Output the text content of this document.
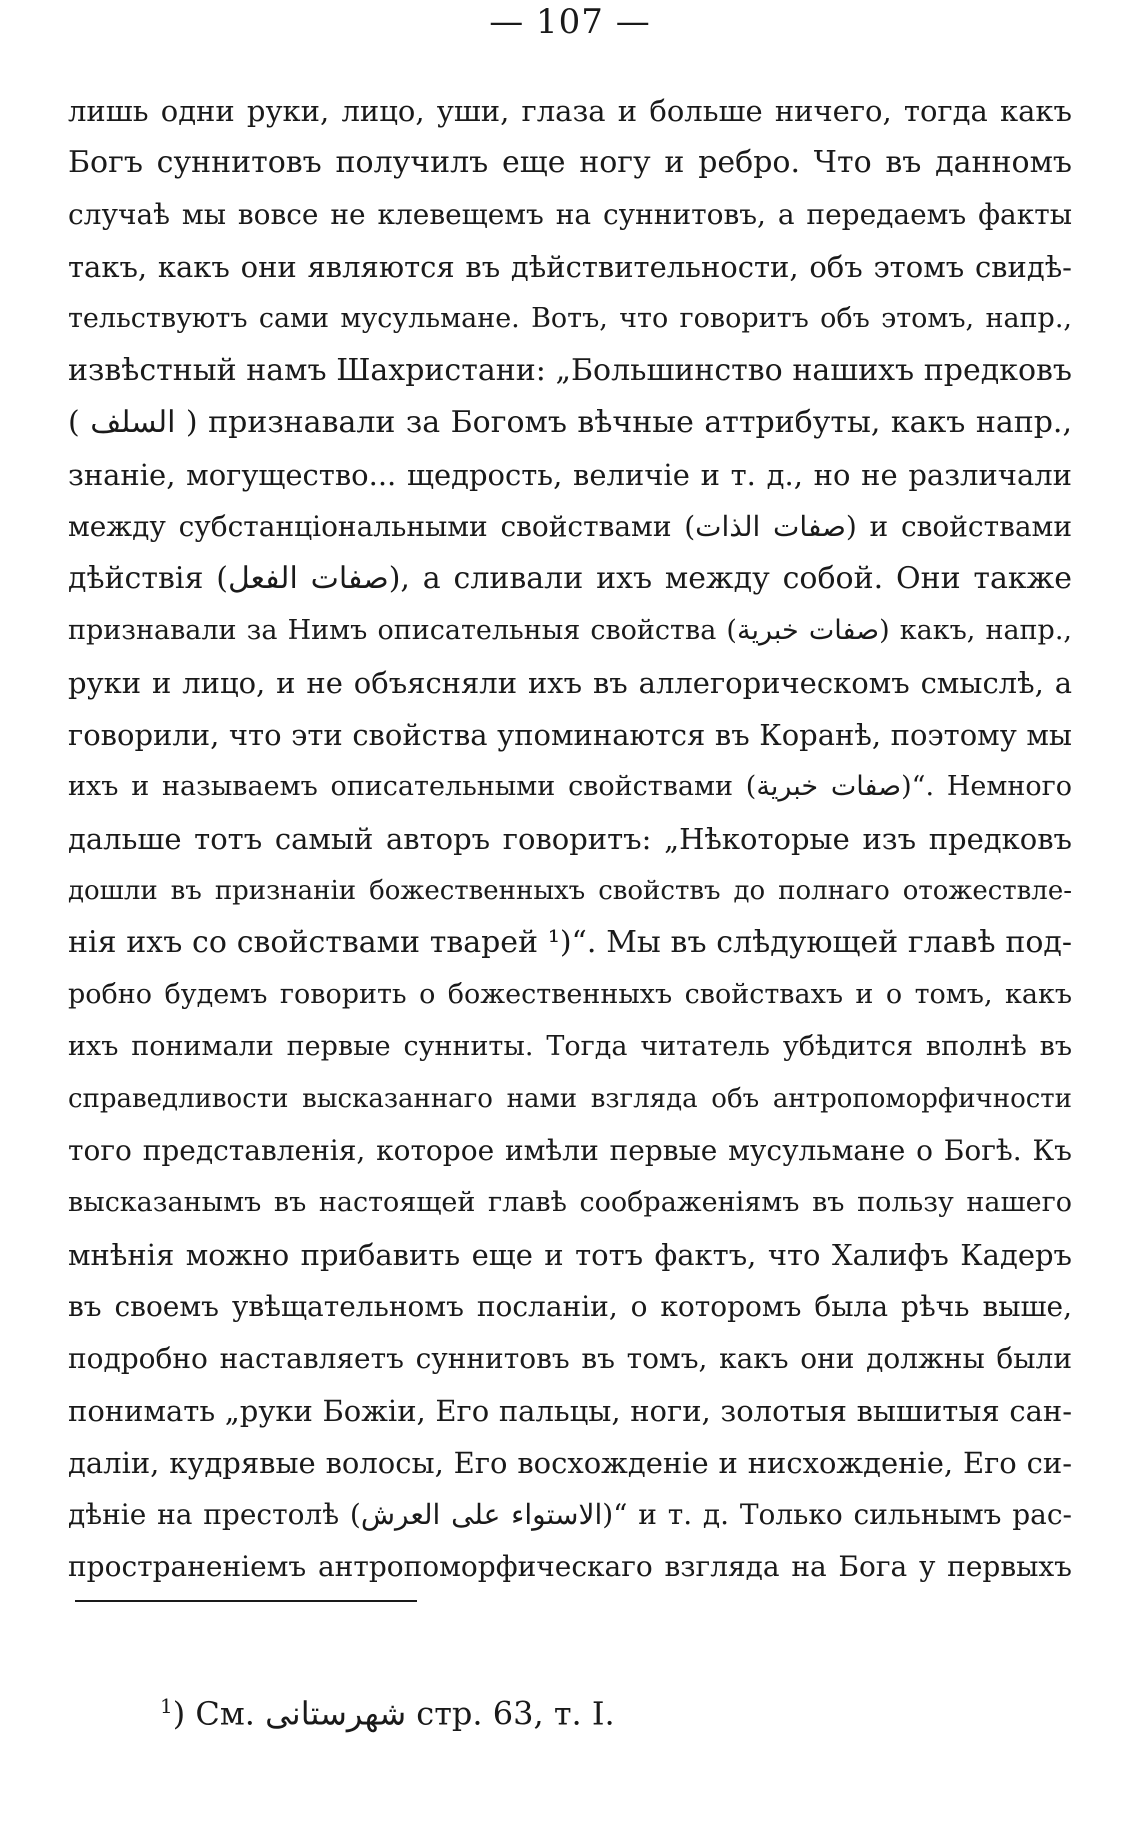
— 107 —
лишь одни руки, лицо, уши, глаза и больше ничего, тогда какъ
Богъ суннитовъ получилъ еще ногу и ребро. Что въ данномъ
случаѣ мы вовсе не клевещемъ на суннитовъ, а передаемъ факты
такъ, какъ они являются въ дѣйствительности, объ этомъ свидѣ-
тельствуютъ сами мусульмане. Вотъ, что говоритъ объ этомъ, напр.,
извѣстный намъ Шахристани: „Большинство нашихъ предковъ
( السلف ) признавали за Богомъ вѣчные аттрибуты, какъ напр.,
знаніе, могущество... щедрость, величіе и т. д., но не различали
между субстанціональными свойствами (صفات الذات) и свойствами
дѣйствія (صفات الفعل), а сливали ихъ между собой. Они также
признавали за Нимъ описательныя свойства (صفات خبرية) какъ, напр.,
руки и лицо, и не объясняли ихъ въ аллегорическомъ смыслѣ, а
говорили, что эти свойства упоминаются въ Коранѣ, поэтому мы
ихъ и называемъ описательными свойствами (صفات خبرية)“. Немного
дальше тотъ самый авторъ говоритъ: „Нѣкоторые изъ предковъ
дошли въ признаніи божественныхъ свойствъ до полнаго отожествле-
нія ихъ со свойствами тварей ¹)“. Мы въ слѣдующей главѣ под-
робно будемъ говорить о божественныхъ свойствахъ и о томъ, какъ
ихъ понимали первые сунниты. Тогда читатель убѣдится вполнѣ въ
справедливости высказаннаго нами взгляда объ антропоморфичности
того представленія, которое имѣли первые мусульмане о Богѣ. Къ
высказанымъ въ настоящей главѣ соображеніямъ въ пользу нашего
мнѣнія можно прибавить еще и тотъ фактъ, что Халифъ Кадеръ
въ своемъ увѣщательномъ посланіи, о которомъ была рѣчь выше,
подробно наставляетъ суннитовъ въ томъ, какъ они должны были
понимать „руки Божіи, Его пальцы, ноги, золотыя вышитыя сан-
даліи, кудрявые волосы, Его восхожденіе и нисхожденіе, Его си-
дѣніе на престолѣ (الاستواء على العرش)“ и т. д. Только сильнымъ рас-
пространеніемъ антропоморфическаго взгляда на Бога у первыхъ
$^1$) См. شهرستانى стр. 63, т. I.
